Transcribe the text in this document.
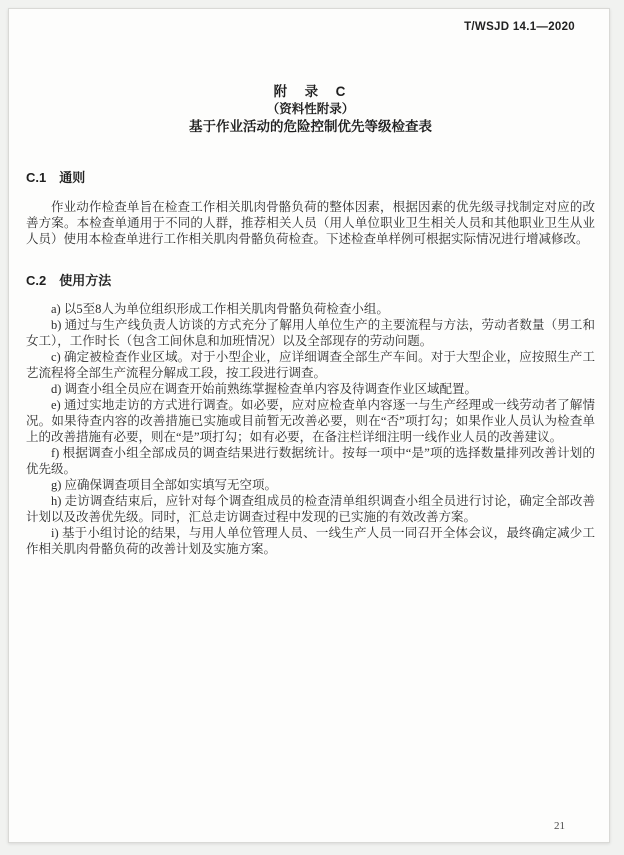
T/WSJD 14.1—2020
附　录　C
（资料性附录）
基于作业活动的危险控制优先等级检查表

C.1　通则

作业动作检查单旨在检查工作相关肌肉骨骼负荷的整体因素，根据因素的优先级寻找制定对应的改善方案。本检查单通用于不同的人群，推荐相关人员（用人单位职业卫生相关人员和其他职业卫生从业人员）使用本检查单进行工作相关肌肉骨骼负荷检查。下述检查单样例可根据实际情况进行增减修改。

C.2　使用方法

a) 以5至8人为单位组织形成工作相关肌肉骨骼负荷检查小组。

b) 通过与生产线负责人访谈的方式充分了解用人单位生产的主要流程与方法，劳动者数量（男工和女工），工作时长（包含工间休息和加班情况）以及全部现存的劳动问题。

c) 确定被检查作业区域。对于小型企业，应详细调查全部生产车间。对于大型企业，应按照生产工艺流程将全部生产流程分解成工段，按工段进行调查。

d) 调查小组全员应在调查开始前熟练掌握检查单内容及待调查作业区域配置。

e) 通过实地走访的方式进行调查。如必要，应对应检查单内容逐一与生产经理或一线劳动者了解情况。如果待查内容的改善措施已实施或目前暂无改善必要，则在“否”项打勾；如果作业人员认为检查单上的改善措施有必要，则在“是”项打勾；如有必要，在备注栏详细注明一线作业人员的改善建议。

f) 根据调查小组全部成员的调查结果进行数据统计。按每一项中“是”项的选择数量排列改善计划的优先级。

g) 应确保调查项目全部如实填写无空项。

h) 走访调查结束后，应针对每个调查组成员的检查清单组织调查小组全员进行讨论，确定全部改善计划以及改善优先级。同时，汇总走访调查过程中发现的已实施的有效改善方案。

i) 基于小组讨论的结果，与用人单位管理人员、一线生产人员一同召开全体会议，最终确定减少工作相关肌肉骨骼负荷的改善计划及实施方案。

21
